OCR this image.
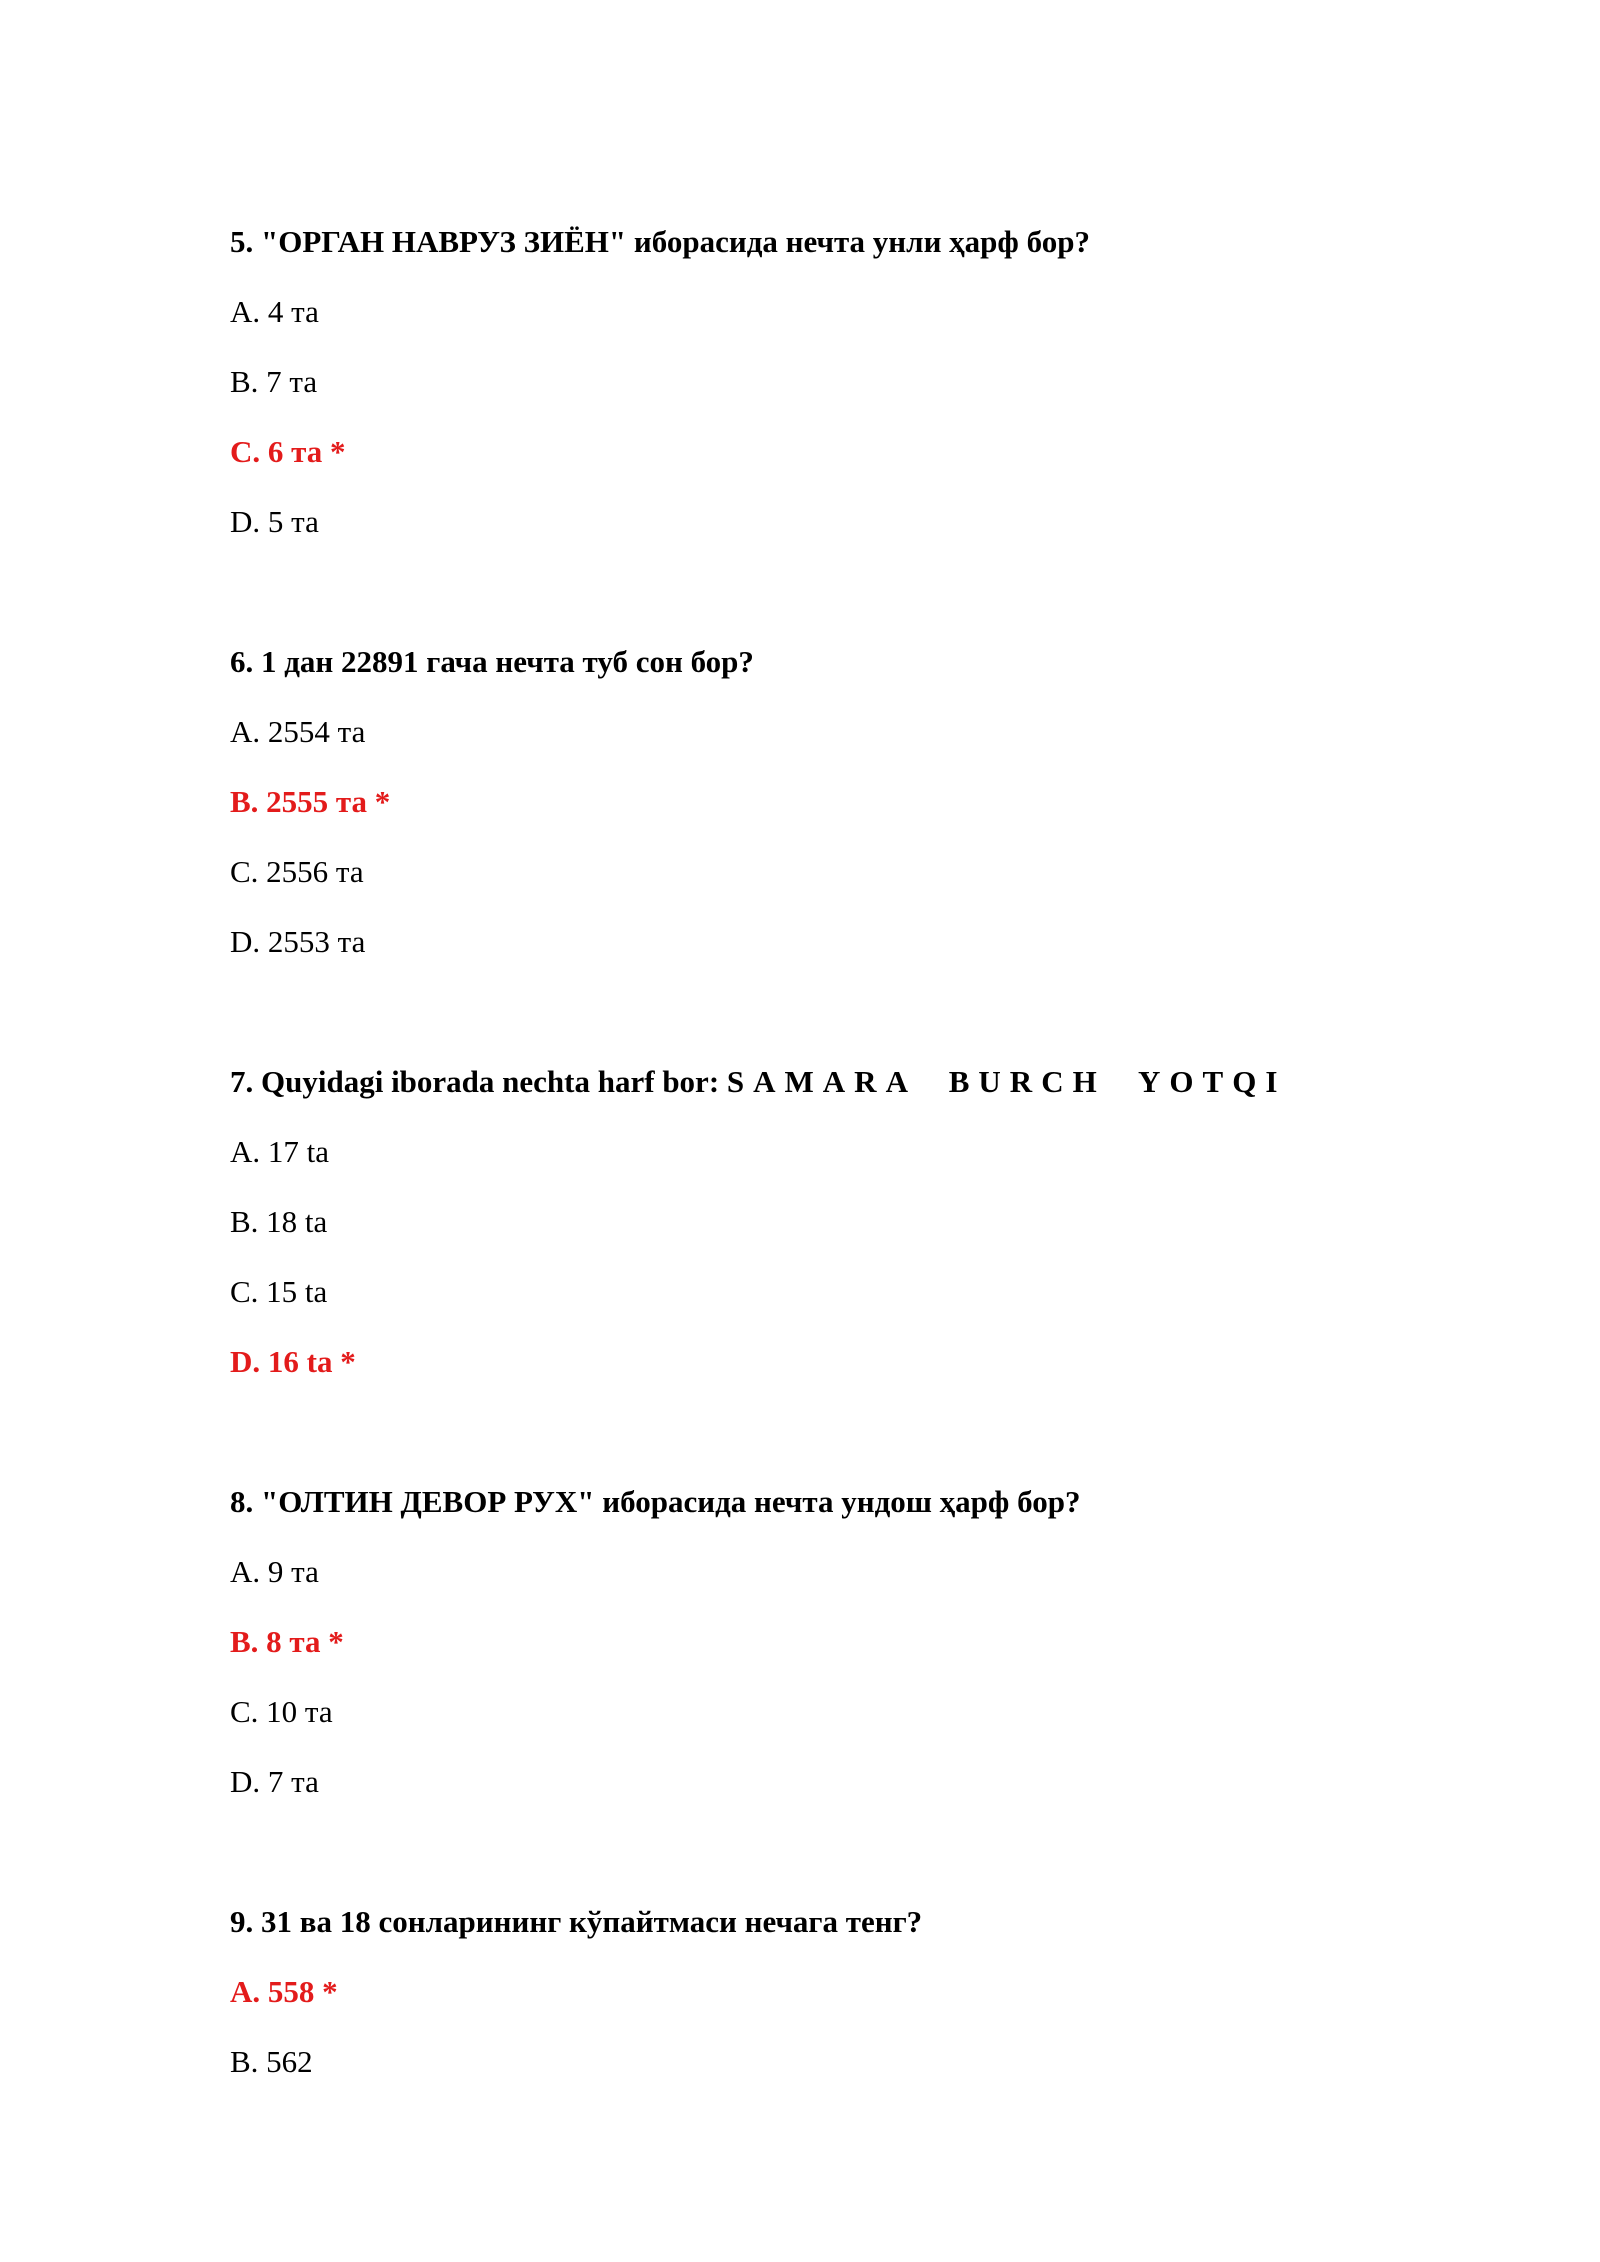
5. "ОРГАН НАВРУЗ ЗИЁН" иборасида нечта унли ҳарф бор?
A. 4 та
B. 7 та
C. 6 та *
D. 5 та
6. 1 дан 22891 гача нечта туб сон бор?
A. 2554 та
B. 2555 та *
C. 2556 та
D. 2553 та
7. Quyidagi iborada nechta harf bor: SAMARA  BURCH  YOTQI
A. 17 ta
B. 18 ta
C. 15 ta
D. 16 ta *
8. "ОЛТИН ДЕВОР РУХ" иборасида нечта ундош ҳарф бор?
A. 9 та
B. 8 та *
C. 10 та
D. 7 та
9. 31 ва 18 сонларининг кўпайтмаси нечага тенг?
A. 558 *
B. 562
